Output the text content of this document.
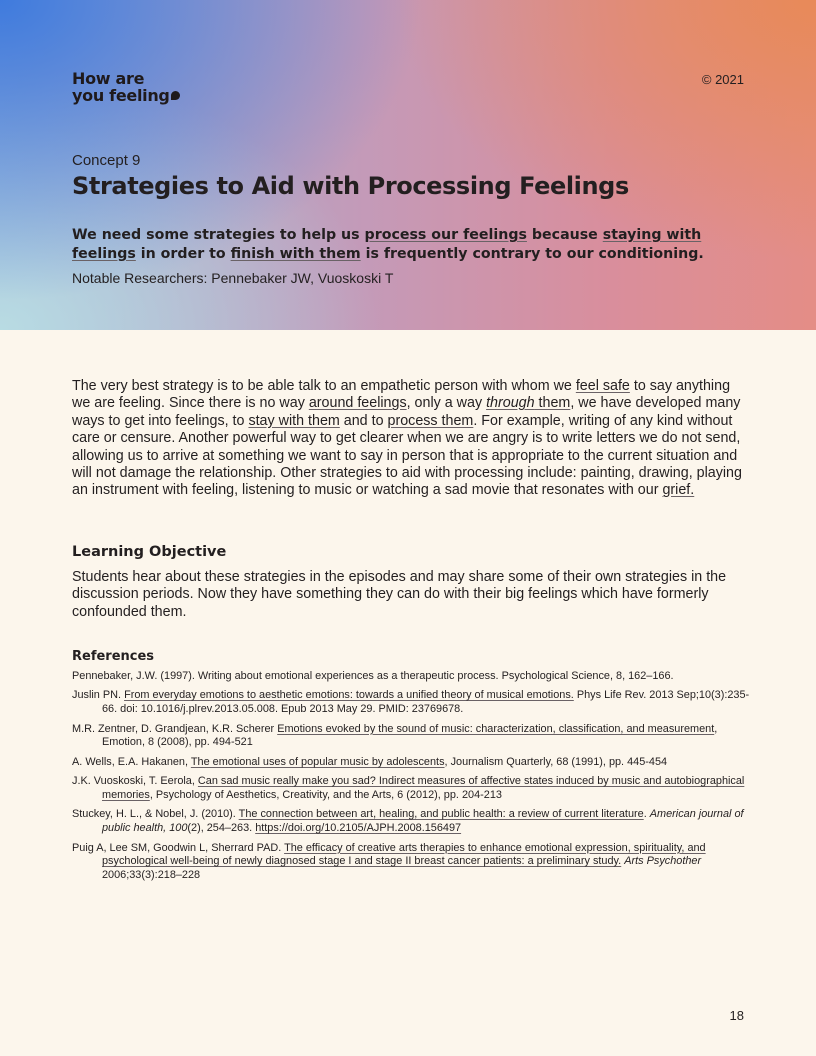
How are
you feeling
© 2021
Concept 9
Strategies to Aid with Processing Feelings

We need some strategies to help us process our feelings because staying with feelings in order to finish with them is frequently contrary to our conditioning.

Notable Researchers: Pennebaker JW, Vuoskoski T

The very best strategy is to be able talk to an empathetic person with whom we feel safe to say anything we are feeling. Since there is no way around feelings, only a way through them, we have developed many ways to get into feelings, to stay with them and to process them. For example, writing of any kind without care or censure. Another powerful way to get clearer when we are angry is to write letters we do not send, allowing us to arrive at something we want to say in person that is appropriate to the current situation and will not damage the relationship. Other strategies to aid with processing include: painting, drawing, playing an instrument with feeling, listening to music or watching a sad movie that resonates with our grief.

Learning Objective

Students hear about these strategies in the episodes and may share some of their own strategies in the discussion periods. Now they have something they can do with their big feelings which have formerly confounded them.

References
Pennebaker, J.W. (1997). Writing about emotional experiences as a therapeutic process. Psychological Science, 8, 162–166.
Juslin PN. From everyday emotions to aesthetic emotions: towards a unified theory of musical emotions. Phys Life Rev. 2013 Sep;10(3):235-66. doi: 10.1016/j.plrev.2013.05.008. Epub 2013 May 29. PMID: 23769678.
M.R. Zentner, D. Grandjean, K.R. Scherer Emotions evoked by the sound of music: characterization, classification, and measurement, Emotion, 8 (2008), pp. 494-521
A. Wells, E.A. Hakanen, The emotional uses of popular music by adolescents, Journalism Quarterly, 68 (1991), pp. 445-454
J.K. Vuoskoski, T. Eerola, Can sad music really make you sad? Indirect measures of affective states induced by music and autobiographical memories, Psychology of Aesthetics, Creativity, and the Arts, 6 (2012), pp. 204-213
Stuckey, H. L., & Nobel, J. (2010). The connection between art, healing, and public health: a review of current literature. American journal of public health, 100(2), 254–263. https://doi.org/10.2105/AJPH.2008.156497
Puig A, Lee SM, Goodwin L, Sherrard PAD. The efficacy of creative arts therapies to enhance emotional expression, spirituality, and psychological well-being of newly diagnosed stage I and stage II breast cancer patients: a preliminary study. Arts Psychother 2006;33(3):218–228
18
